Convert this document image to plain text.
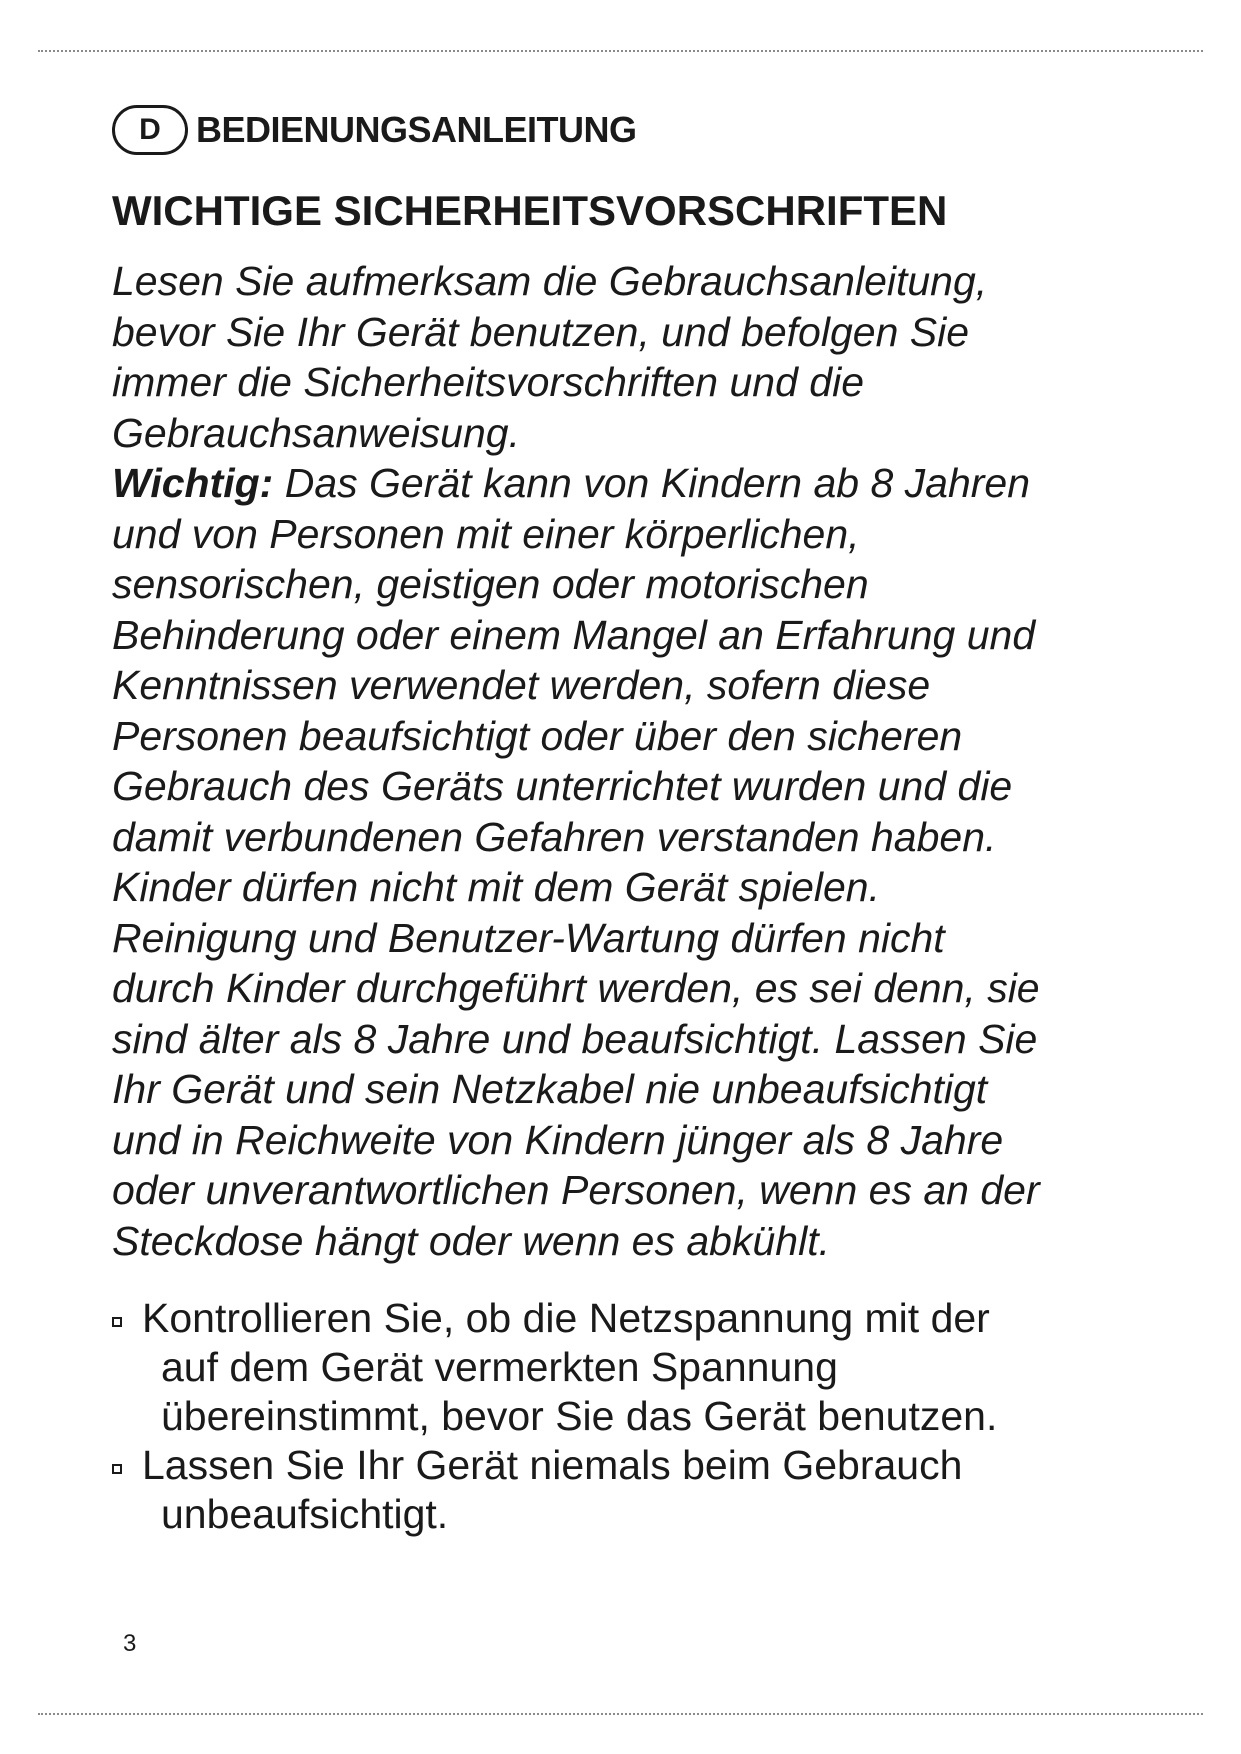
D BEDIENUNGSANLEITUNG
WICHTIGE SICHERHEITSVORSCHRIFTEN

Lesen Sie aufmerksam die Gebrauchsanleitung,

bevor Sie Ihr Gerät benutzen, und befolgen Sie

immer die Sicherheitsvorschriften und die

Gebrauchsanweisung.

Wichtig: Das Gerät kann von Kindern ab 8 Jahren

und von Personen mit einer körperlichen,

sensorischen, geistigen oder motorischen

Behinderung oder einem Mangel an Erfahrung und

Kenntnissen verwendet werden, sofern diese

Personen beaufsichtigt oder über den sicheren

Gebrauch des Geräts unterrichtet wurden und die

damit verbundenen Gefahren verstanden haben.

Kinder dürfen nicht mit dem Gerät spielen.

Reinigung und Benutzer-Wartung dürfen nicht

durch Kinder durchgeführt werden, es sei denn, sie

sind älter als 8 Jahre und beaufsichtigt. Lassen Sie

Ihr Gerät und sein Netzkabel nie unbeaufsichtigt

und in Reichweite von Kindern jünger als 8 Jahre

oder unverantwortlichen Personen, wenn es an der

Steckdose hängt oder wenn es abkühlt.

Kontrollieren Sie, ob die Netzspannung mit der
auf dem Gerät vermerkten Spannung
übereinstimmt, bevor Sie das Gerät benutzen.
Lassen Sie Ihr Gerät niemals beim Gebrauch
unbeaufsichtigt.
3
